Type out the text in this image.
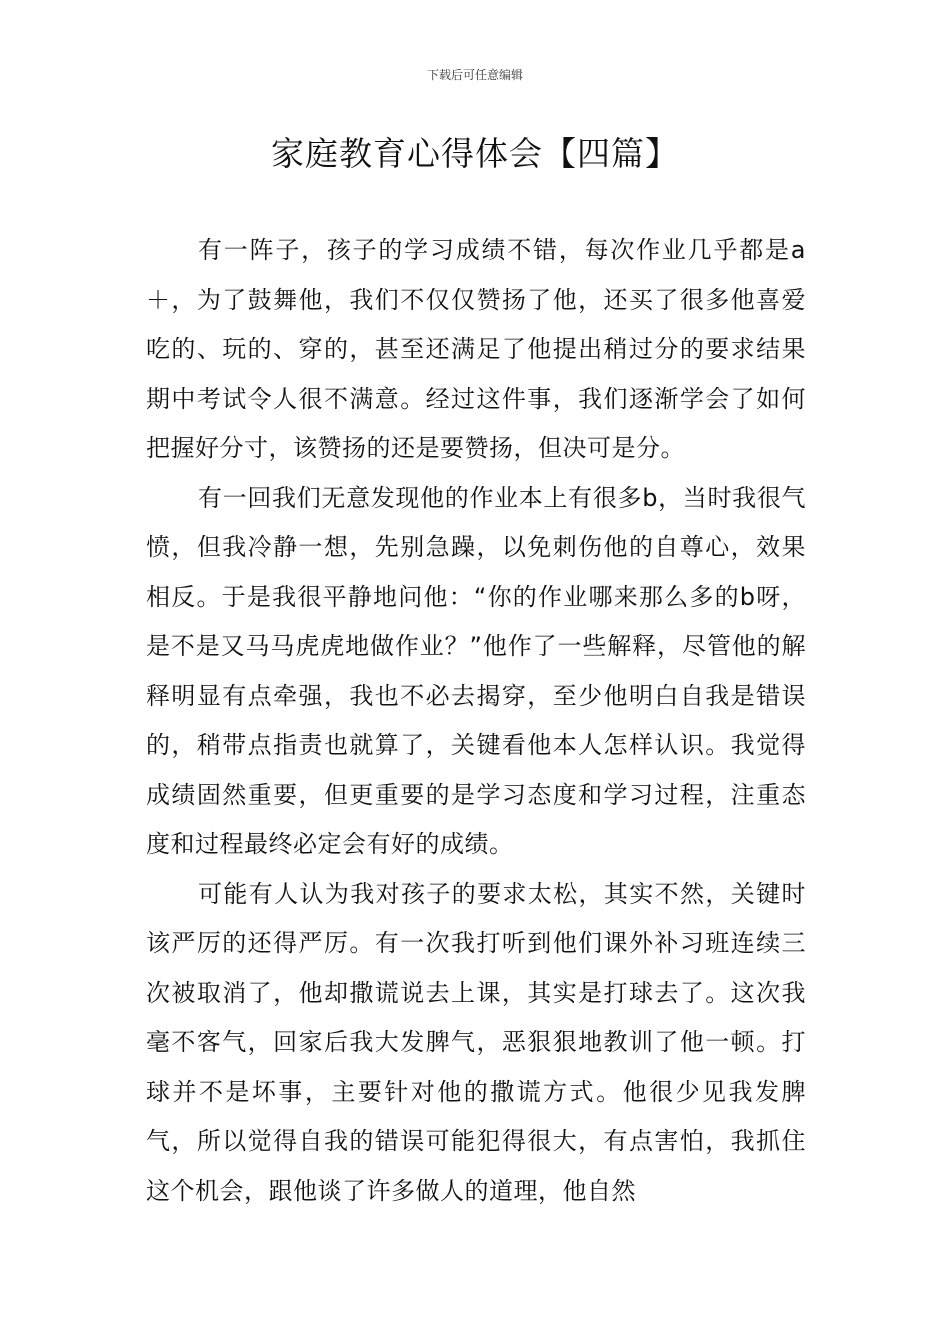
下载后可任意编辑
家庭教育心得体会【四篇】

有一阵子，孩子的学习成绩不错，每次作业几乎都是a＋，为了鼓舞他，我们不仅仅赞扬了他，还买了很多他喜爱吃的、玩的、穿的，甚至还满足了他提出稍过分的要求结果期中考试令人很不满意。经过这件事，我们逐渐学会了如何把握好分寸，该赞扬的还是要赞扬，但决可是分。

有一回我们无意发现他的作业本上有很多b，当时我很气愤，但我冷静一想，先别急躁，以免刺伤他的自尊心，效果相反。于是我很平静地问他：“你的作业哪来那么多的b呀，是不是又马马虎虎地做作业？”他作了一些解释，尽管他的解释明显有点牵强，我也不必去揭穿，至少他明白自我是错误的，稍带点指责也就算了，关键看他本人怎样认识。我觉得成绩固然重要，但更重要的是学习态度和学习过程，注重态度和过程最终必定会有好的成绩。

可能有人认为我对孩子的要求太松，其实不然，关键时该严厉的还得严厉。有一次我打听到他们课外补习班连续三次被取消了，他却撒谎说去上课，其实是打球去了。这次我毫不客气，回家后我大发脾气，恶狠狠地教训了他一顿。打球并不是坏事，主要针对他的撒谎方式。他很少见我发脾气，所以觉得自我的错误可能犯得很大，有点害怕，我抓住这个机会，跟他谈了许多做人的道理，他自然
